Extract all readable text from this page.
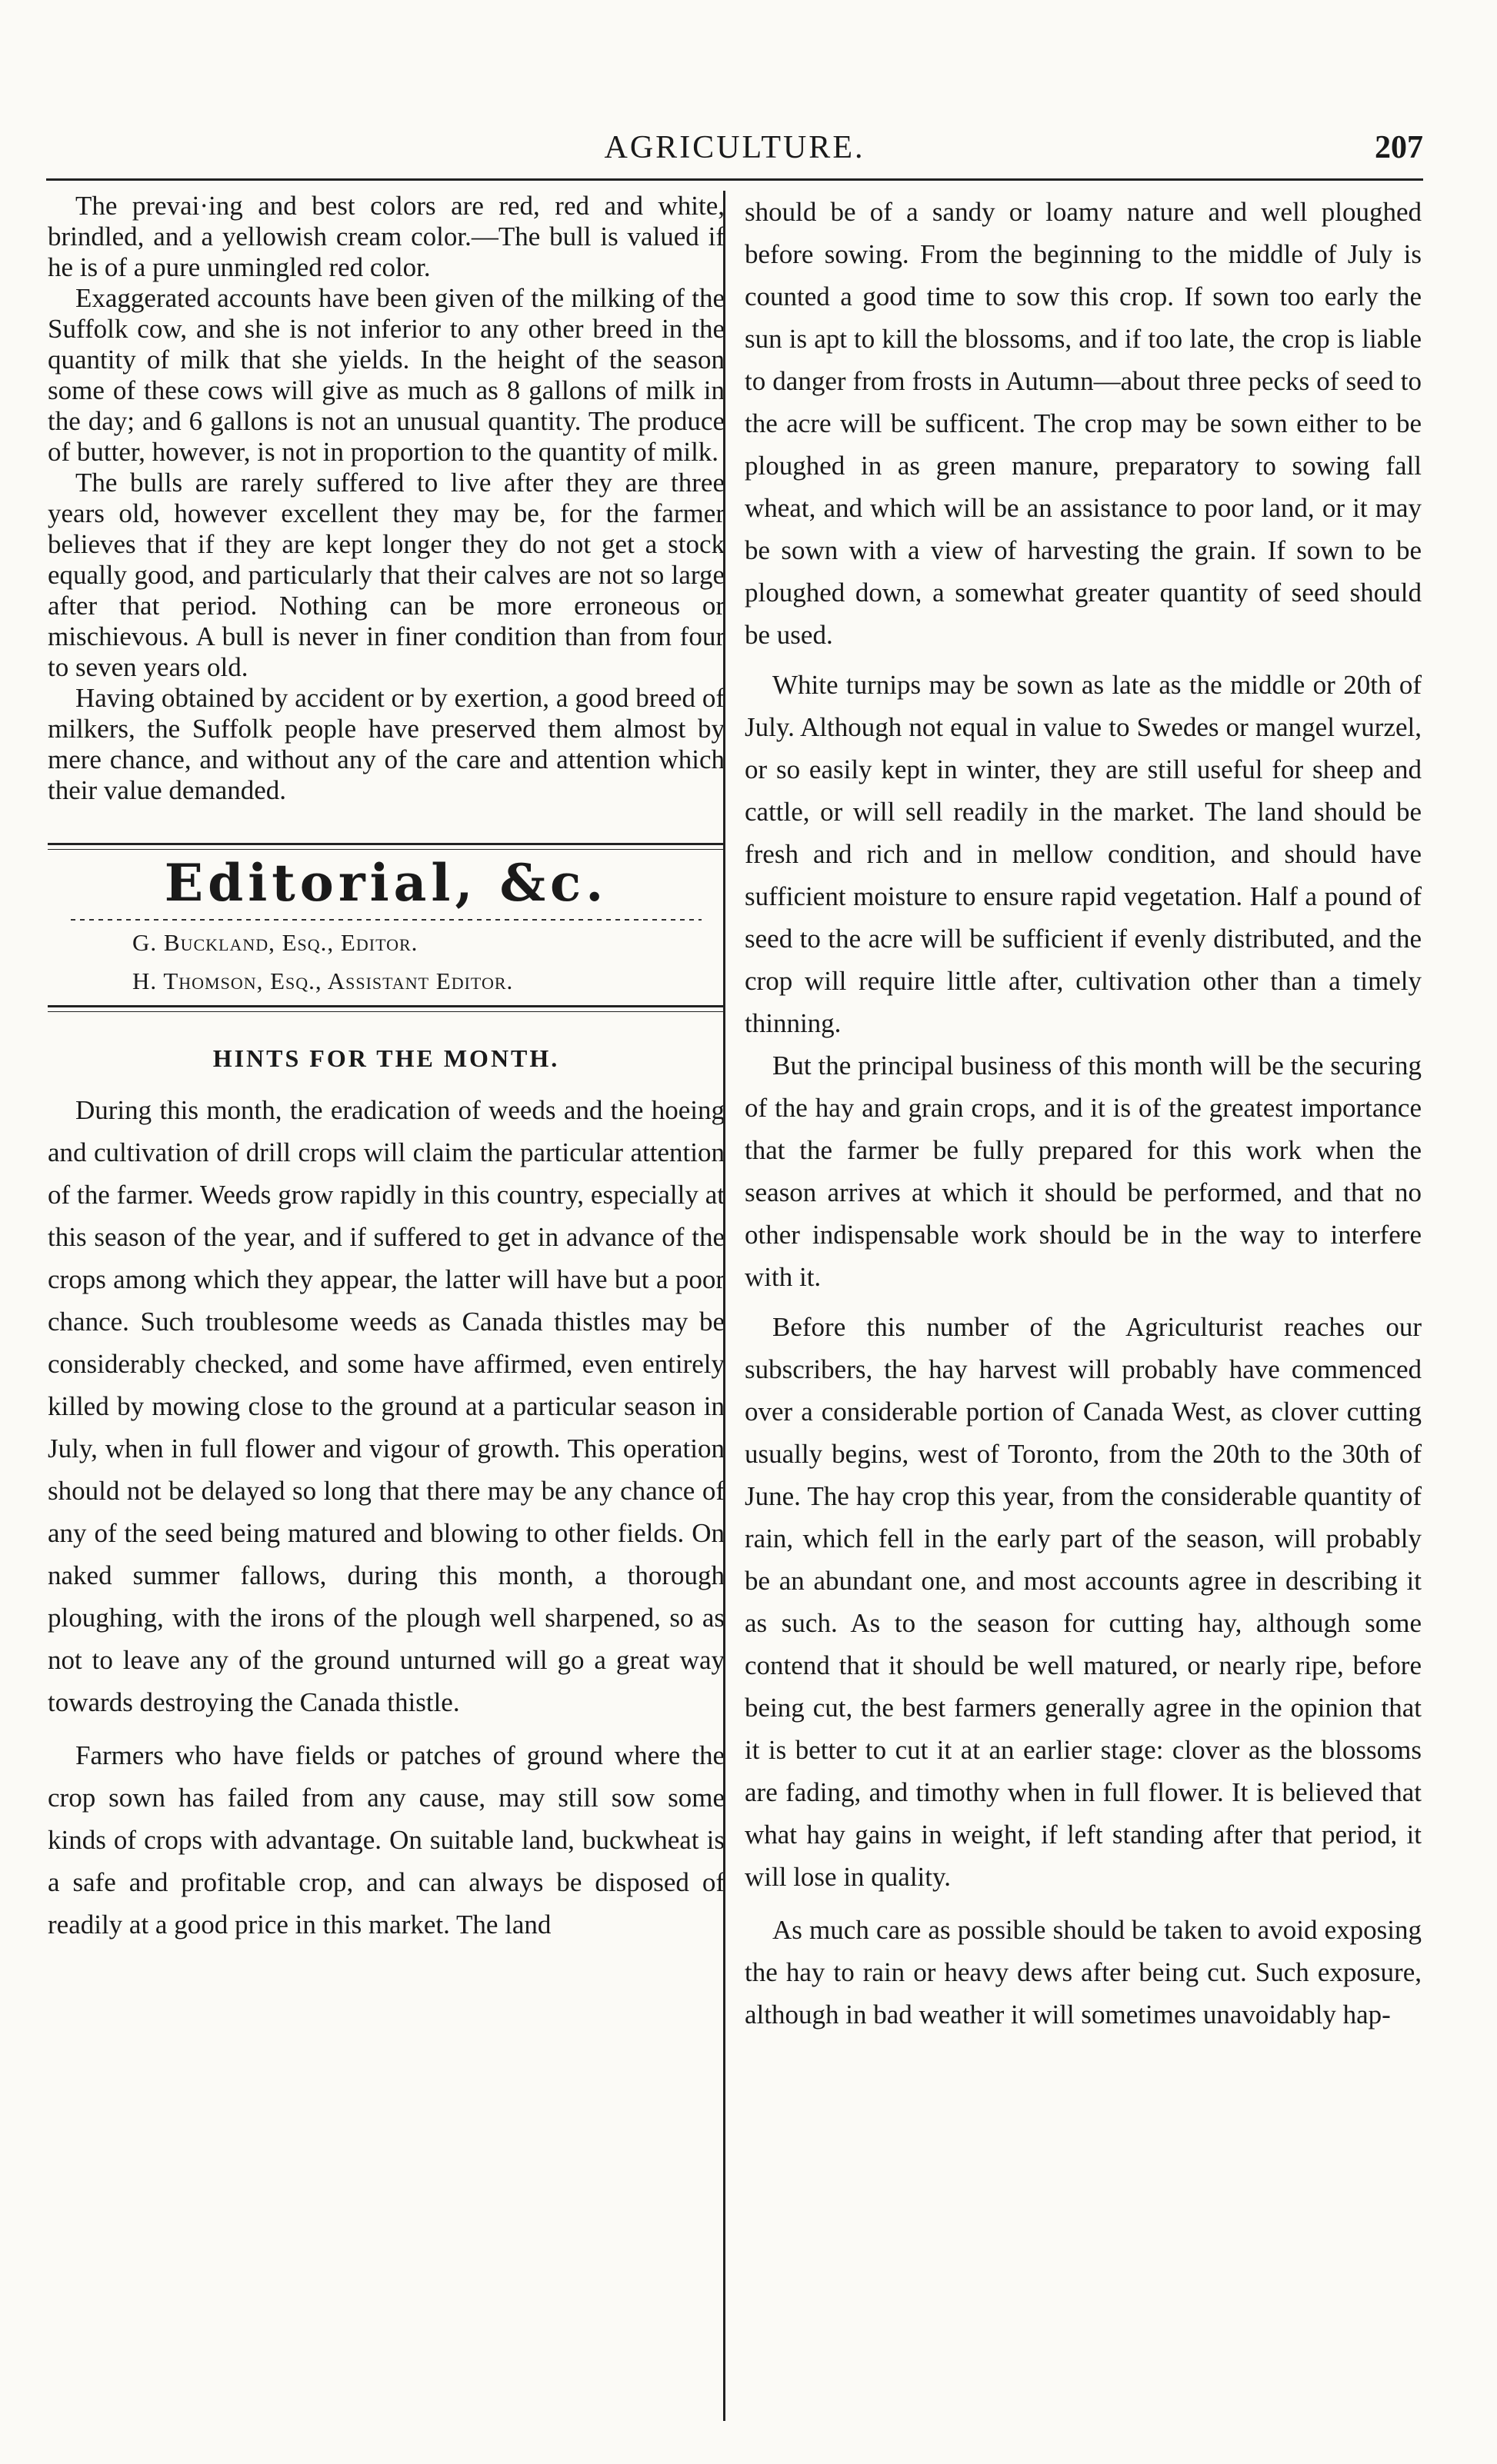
AGRICULTURE.	207

The prevai·ing and best colors are red, red and white, brindled, and a yellowish cream color.—The bull is valued if he is of a pure unmingled red color.

Exaggerated accounts have been given of the milking of the Suffolk cow, and she is not inferior to any other breed in the quantity of milk that she yields. In the height of the season some of these cows will give as much as 8 gallons of milk in the day; and 6 gallons is not an unusual quantity. The produce of butter, however, is not in proportion to the quantity of milk.

The bulls are rarely suffered to live after they are three years old, however excellent they may be, for the farmer believes that if they are kept longer they do not get a stock equally good, and particularly that their calves are not so large after that period. Nothing can be more erroneous or mischievous. A bull is never in finer condition than from four to seven years old.

Having obtained by accident or by exertion, a good breed of milkers, the Suffolk people have preserved them almost by mere chance, and without any of the care and attention which their value demanded.

Editorial, &c.
G. Buckland, Esq., Editor.
H. Thomson, Esq., Assistant Editor.
HINTS FOR THE MONTH.

During this month, the eradication of weeds and the hoeing and cultivation of drill crops will claim the particular attention of the farmer. Weeds grow rapidly in this country, especially at this season of the year, and if suffered to get in advance of the crops among which they appear, the latter will have but a poor chance. Such troublesome weeds as Canada thistles may be considerably checked, and some have affirmed, even entirely killed by mowing close to the ground at a particular season in July, when in full flower and vigour of growth. This operation should not be delayed so long that there may be any chance of any of the seed being matured and blowing to other fields. On naked summer fallows, during this month, a thorough ploughing, with the irons of the plough well sharpened, so as not to leave any of the ground unturned will go a great way towards destroying the Canada thistle.

Farmers who have fields or patches of ground where the crop sown has failed from any cause, may still sow some kinds of crops with advantage. On suitable land, buckwheat is a safe and profitable crop, and can always be disposed of readily at a good price in this market. The land

should be of a sandy or loamy nature and well ploughed before sowing. From the beginning to the middle of July is counted a good time to sow this crop. If sown too early the sun is apt to kill the blossoms, and if too late, the crop is liable to danger from frosts in Autumn—about three pecks of seed to the acre will be sufficent. The crop may be sown either to be ploughed in as green manure, preparatory to sowing fall wheat, and which will be an assistance to poor land, or it may be sown with a view of harvesting the grain. If sown to be ploughed down, a somewhat greater quantity of seed should be used.

White turnips may be sown as late as the middle or 20th of July. Although not equal in value to Swedes or mangel wurzel, or so easily kept in winter, they are still useful for sheep and cattle, or will sell readily in the market. The land should be fresh and rich and in mellow condition, and should have sufficient moisture to ensure rapid vegetation. Half a pound of seed to the acre will be sufficient if evenly distributed, and the crop will require little after, cultivation other than a timely thinning.

But the principal business of this month will be the securing of the hay and grain crops, and it is of the greatest importance that the farmer be fully prepared for this work when the season arrives at which it should be performed, and that no other indispensable work should be in the way to interfere with it.

Before this number of the Agriculturist reaches our subscribers, the hay harvest will probably have commenced over a considerable portion of Canada West, as clover cutting usually begins, west of Toronto, from the 20th to the 30th of June. The hay crop this year, from the considerable quantity of rain, which fell in the early part of the season, will probably be an abundant one, and most accounts agree in describing it as such. As to the season for cutting hay, although some contend that it should be well matured, or nearly ripe, before being cut, the best farmers generally agree in the opinion that it is better to cut it at an earlier stage: clover as the blossoms are fading, and timothy when in full flower. It is believed that what hay gains in weight, if left standing after that period, it will lose in quality.

As much care as possible should be taken to avoid exposing the hay to rain or heavy dews after being cut. Such exposure, although in bad weather it will sometimes unavoidably hap-
